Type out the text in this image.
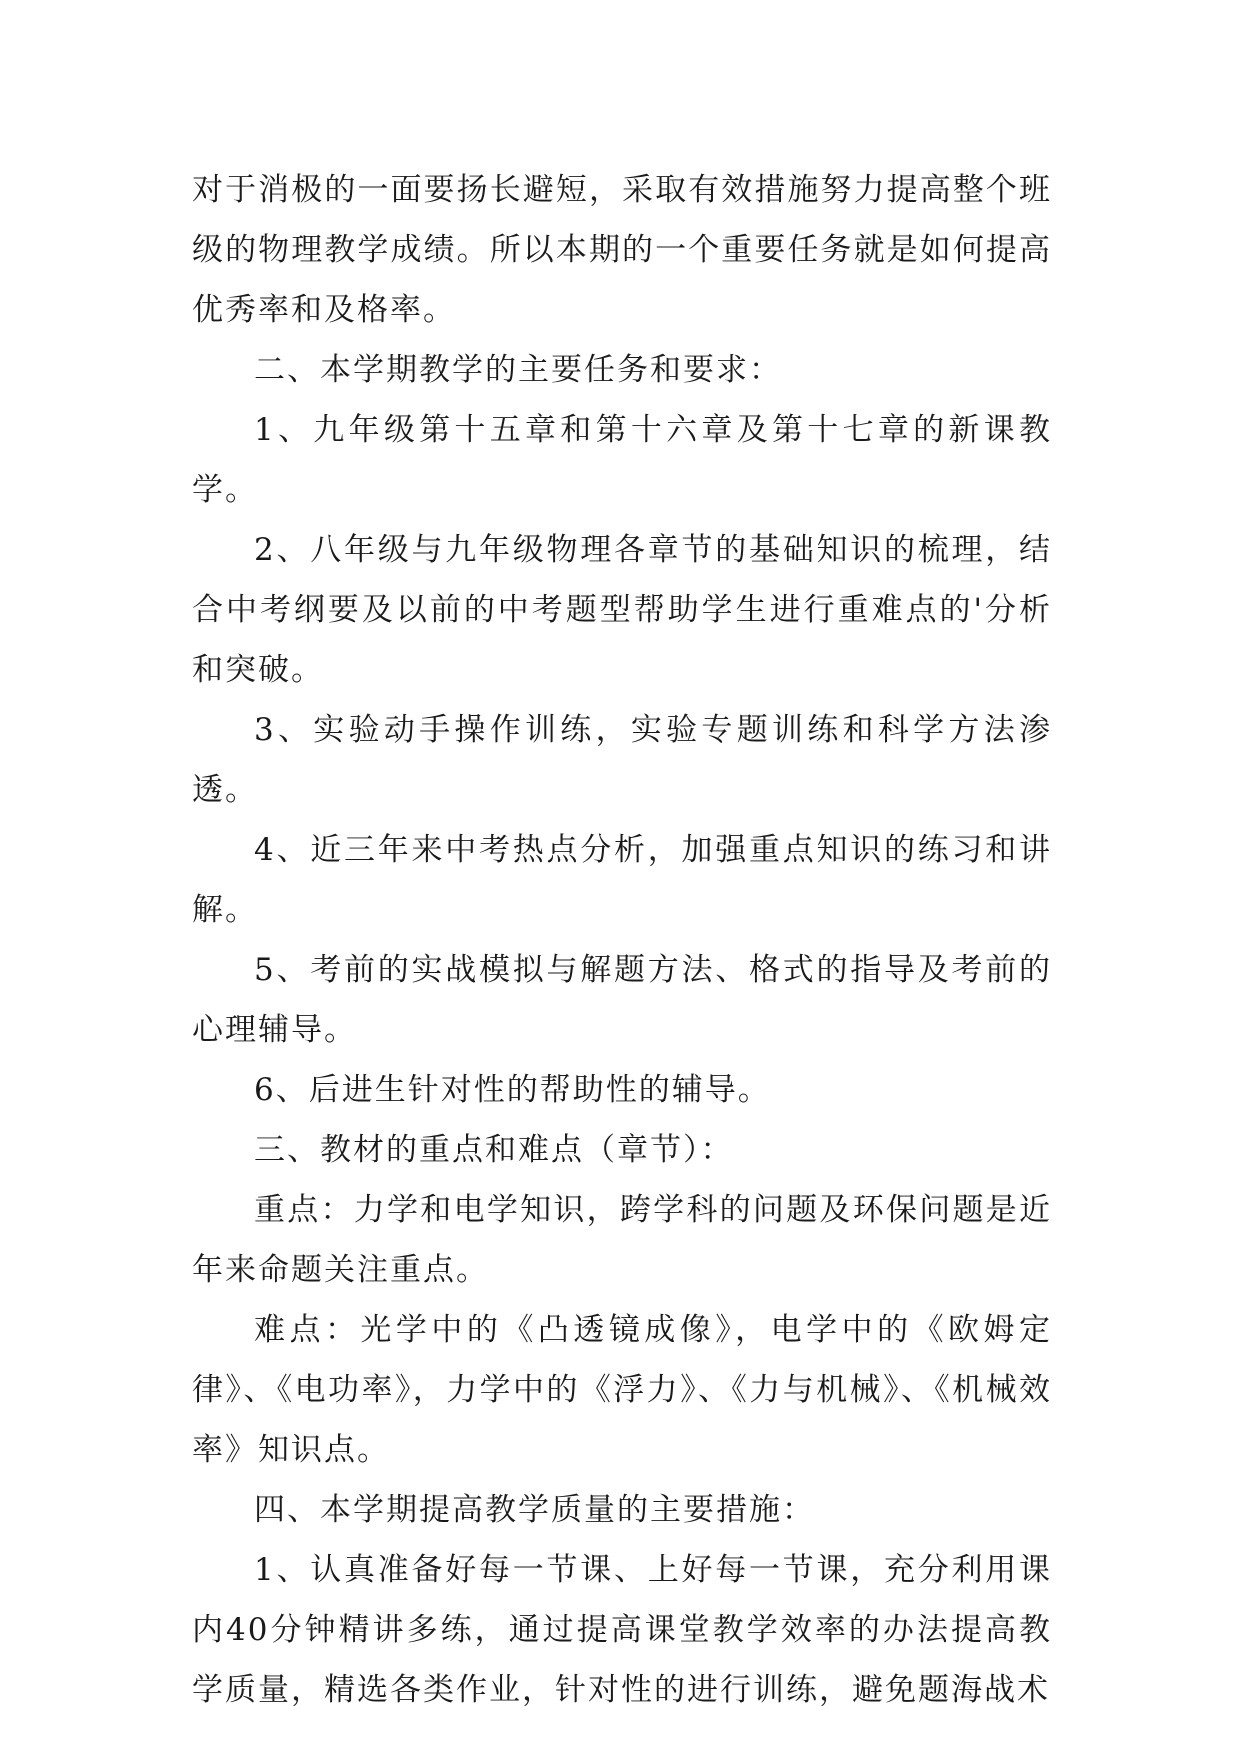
对于消极的一面要扬长避短，采取有效措施努力提高整个班级的物理教学成绩。所以本期的一个重要任务就是如何提高优秀率和及格率。

二、本学期教学的主要任务和要求：

1、九年级第十五章和第十六章及第十七章的新课教学。

2、八年级与九年级物理各章节的基础知识的梳理，结合中考纲要及以前的中考题型帮助学生进行重难点的'分析和突破。

3、实验动手操作训练，实验专题训练和科学方法渗透。

4、近三年来中考热点分析，加强重点知识的练习和讲解。

5、考前的实战模拟与解题方法、格式的指导及考前的心理辅导。

6、后进生针对性的帮助性的辅导。

三、教材的重点和难点（章节）：

重点：力学和电学知识，跨学科的问题及环保问题是近年来命题关注重点。

难点：光学中的《凸透镜成像》，电学中的《欧姆定律》、《电功率》，力学中的《浮力》、《力与机械》、《机械效率》知识点。

四、本学期提高教学质量的主要措施：

1、认真准备好每一节课、上好每一节课，充分利用课内40分钟精讲多练，通过提高课堂教学效率的办法提高教学质量，精选各类作业，针对性的进行训练，避免题海战术
